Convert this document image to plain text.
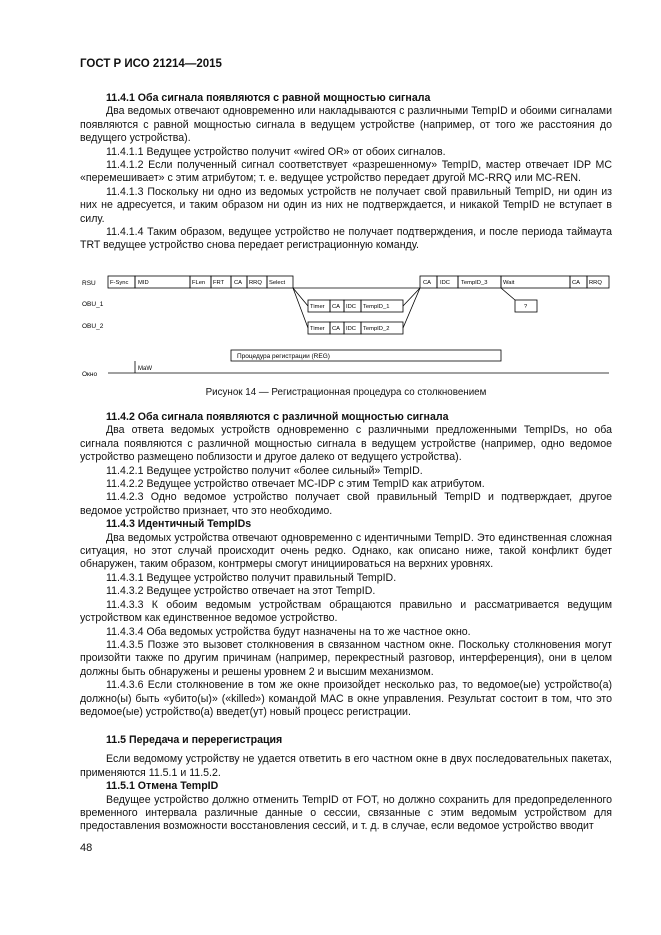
ГОСТ Р ИСО 21214—2015

11.4.1 Оба сигнала появляются с равной мощностью сигнала

Два ведомых отвечают одновременно или накладываются с различными TempID и обоими сигналами появляются с равной мощностью сигнала в ведущем устройстве (например, от того же расстояния до ведущего устройства).

11.4.1.1 Ведущее устройство получит «wired OR» от обоих сигналов.

11.4.1.2 Если полученный сигнал соответствует «разрешенному» TempID, мастер отвечает IDP MC «перемешивает» с этим атрибутом; т. е. ведущее устройство передает другой MC-RRQ или MC-REN.

11.4.1.3 Поскольку ни одно из ведомых устройств не получает свой правильный TempID, ни один из них не адресуется, и таким образом ни один из них не подтверждается, и никакой TempID не вступает в силу.

11.4.1.4 Таким образом, ведущее устройство не получает подтверждения, и после периода таймаута TRT ведущее устройство снова передает регистрационную команду.

RSU
OBU_1
OBU_2
Окно
F-Sync MID	FLen FRT CA RRQ Select	CA IDC TempID_3	Wait	CA RRQ
Timer CA IDC TempID_1	?
Timer CA IDC TempID_2
Процедура регистрации (REG)
MaW
Рисунок 14 — Регистрационная процедура со столкновением

11.4.2 Оба сигнала появляются с различной мощностью сигнала

Два ответа ведомых устройств одновременно с различными предложенными TempIDs, но оба сигнала появляются с различной мощностью сигнала в ведущем устройстве (например, одно ведомое устройство размещено поблизости и другое далеко от ведущего устройства).

11.4.2.1 Ведущее устройство получит «более сильный» TempID.

11.4.2.2 Ведущее устройство отвечает MC-IDP с этим TempID как атрибутом.

11.4.2.3 Одно ведомое устройство получает свой правильный TempID и подтверждает, другое ведомое устройство признает, что это необходимо.

11.4.3 Идентичный TempIDs

Два ведомых устройства отвечают одновременно с идентичными TempID. Это единственная сложная ситуация, но этот случай происходит очень редко. Однако, как описано ниже, такой конфликт будет обнаружен, таким образом, контрмеры смогут инициироваться на верхних уровнях.

11.4.3.1 Ведущее устройство получит правильный TempID.

11.4.3.2 Ведущее устройство отвечает на этот TempID.

11.4.3.3 К обоим ведомым устройствам обращаются правильно и рассматривается ведущим устройством как единственное ведомое устройство.

11.4.3.4 Оба ведомых устройства будут назначены на то же частное окно.

11.4.3.5 Позже это вызовет столкновения в связанном частном окне. Поскольку столкновения могут произойти также по другим причинам (например, перекрестный разговор, интерференция), они в целом должны быть обнаружены и решены уровнем 2 и высшим механизмом.

11.4.3.6 Если столкновение в том же окне произойдет несколько раз, то ведомое(ые) устройство(а) должно(ы) быть «убито(ы)» («killed») командой MAC в окне управления. Результат состоит в том, что это ведомое(ые) устройство(а) введет(ут) новый процесс регистрации.

11.5 Передача и перерегистрация

Если ведомому устройству не удается ответить в его частном окне в двух последовательных пакетах, применяются 11.5.1 и 11.5.2.

11.5.1 Отмена TempID

Ведущее устройство должно отменить TempID от FOT, но должно сохранить для предопределенного временного интервала различные данные о сессии, связанные с этим ведомым устройством для предоставления возможности восстановления сессий, и т. д. в случае, если ведомое устройство вводит

48
